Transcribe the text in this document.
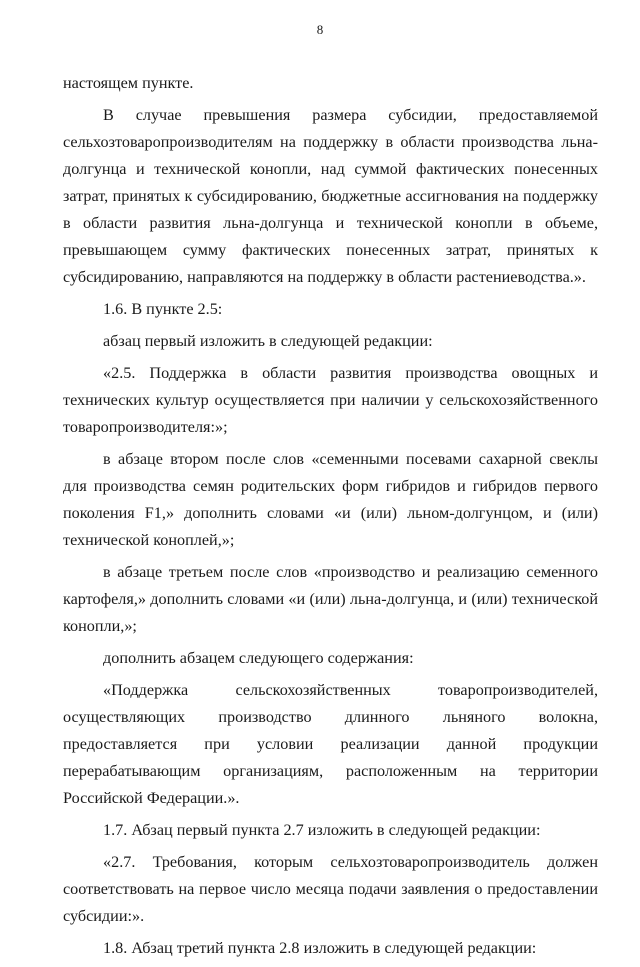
8

настоящем пункте.

В случае превышения размера субсидии, предоставляемой сельхозтоваропроизводителям на поддержку в области производства льна-долгунца и технической конопли, над суммой фактических понесенных затрат, принятых к субсидированию, бюджетные ассигнования на поддержку в области развития льна-долгунца и технической конопли в объеме, превышающем сумму фактических понесенных затрат, принятых к субсидированию, направляются на поддержку в области растениеводства.».

1.6. В пункте 2.5:

абзац первый изложить в следующей редакции:

«2.5. Поддержка в области развития производства овощных и технических культур осуществляется при наличии у сельскохозяйственного товаропроизводителя:»;

в абзаце втором после слов «семенными посевами сахарной свеклы для производства семян родительских форм гибридов и гибридов первого поколения F1,» дополнить словами «и (или) льном-долгунцом, и (или) технической коноплей,»;

в абзаце третьем после слов «производство и реализацию семенного картофеля,» дополнить словами «и (или) льна-долгунца, и (или) технической конопли,»;

дополнить абзацем следующего содержания:

«Поддержка сельскохозяйственных товаропроизводителей, осуществляющих производство длинного льняного волокна, предоставляется при условии реализации данной продукции перерабатывающим организациям, расположенным на территории Российской Федерации.».

1.7. Абзац первый пункта 2.7 изложить в следующей редакции:

«2.7. Требования, которым сельхозтоваропроизводитель должен соответствовать на первое число месяца подачи заявления о предоставлении субсидии:».

1.8. Абзац третий пункта 2.8 изложить в следующей редакции:
